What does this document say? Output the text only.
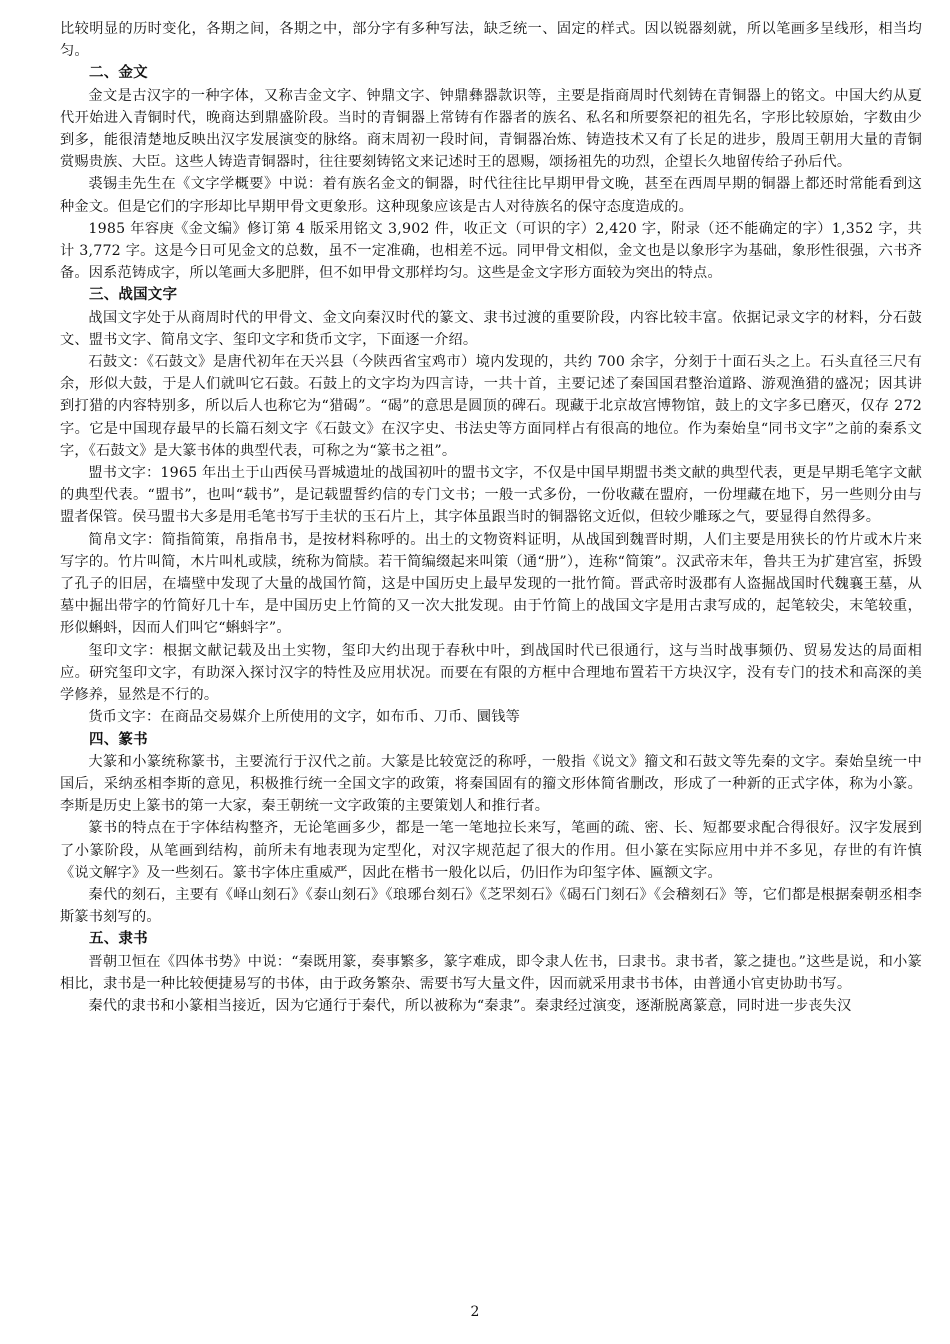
比较明显的历时变化，各期之间，各期之中，部分字有多种写法，缺乏统一、固定的样式。因以锐器刻就，所以笔画多呈线形，相当均匀。

二、金文

金文是古汉字的一种字体，又称吉金文字、钟鼎文字、钟鼎彝器款识等，主要是指商周时代刻铸在青铜器上的铭文。中国大约从夏代开始进入青铜时代，晚商达到鼎盛阶段。当时的青铜器上常铸有作器者的族名、私名和所要祭祀的祖先名，字形比较原始，字数由少到多，能很清楚地反映出汉字发展演变的脉络。商末周初一段时间，青铜器冶炼、铸造技术又有了长足的进步，殷周王朝用大量的青铜赏赐贵族、大臣。这些人铸造青铜器时，往往要刻铸铭文来记述时王的恩赐，颂扬祖先的功烈，企望长久地留传给子孙后代。

裘锡圭先生在《文字学概要》中说：着有族名金文的铜器，时代往往比早期甲骨文晚，甚至在西周早期的铜器上都还时常能看到这种金文。但是它们的字形却比早期甲骨文更象形。这种现象应该是古人对待族名的保守态度造成的。

1985 年容庚《金文编》修订第 4 版采用铭文 3,902 件，收正文（可识的字）2,420 字，附录（还不能确定的字）1,352 字，共计 3,772 字。这是今日可见金文的总数，虽不一定准确，也相差不远。同甲骨文相似，金文也是以象形字为基础，象形性很强，六书齐备。因系范铸成字，所以笔画大多肥胖，但不如甲骨文那样均匀。这些是金文字形方面较为突出的特点。

三、战国文字

战国文字处于从商周时代的甲骨文、金文向秦汉时代的篆文、隶书过渡的重要阶段，内容比较丰富。依据记录文字的材料，分石鼓文、盟书文字、简帛文字、玺印文字和货币文字，下面逐一介绍。

石鼓文：《石鼓文》是唐代初年在天兴县（今陕西省宝鸡市）境内发现的，共约 700 余字，分刻于十面石头之上。石头直径三尺有余，形似大鼓，于是人们就叫它石鼓。石鼓上的文字均为四言诗，一共十首，主要记述了秦国国君整治道路、游观渔猎的盛况；因其讲到打猎的内容特别多，所以后人也称它为“猎碣”。“碣”的意思是圆顶的碑石。现藏于北京故宫博物馆，鼓上的文字多已磨灭，仅存 272 字。它是中国现存最早的长篇石刻文字《石鼓文》在汉字史、书法史等方面同样占有很高的地位。作为秦始皇“同书文字”之前的秦系文字，《石鼓文》是大篆书体的典型代表，可称之为“篆书之祖”。

盟书文字：1965 年出土于山西侯马晋城遗址的战国初叶的盟书文字，不仅是中国早期盟书类文献的典型代表，更是早期毛笔字文献的典型代表。“盟书”，也叫“载书”，是记载盟誓约信的专门文书；一般一式多份，一份收藏在盟府，一份埋藏在地下，另一些则分由与盟者保管。侯马盟书大多是用毛笔书写于圭状的玉石片上，其字体虽跟当时的铜器铭文近似，但较少雕琢之气，要显得自然得多。

简帛文字：简指简策，帛指帛书，是按材料称呼的。出土的文物资料证明，从战国到魏晋时期，人们主要是用狭长的竹片或木片来写字的。竹片叫简，木片叫札或牍，统称为简牍。若干简编缀起来叫策（通“册”），连称“简策”。汉武帝末年，鲁共王为扩建宫室，拆毁了孔子的旧居，在墙壁中发现了大量的战国竹简，这是中国历史上最早发现的一批竹简。晋武帝时汲郡有人盗掘战国时代魏襄王墓，从墓中掘出带字的竹简好几十车，是中国历史上竹简的又一次大批发现。由于竹简上的战国文字是用古隶写成的，起笔较尖，末笔较重，形似蝌蚪，因而人们叫它“蝌蚪字”。

玺印文字：根据文献记载及出土实物，玺印大约出现于春秋中叶，到战国时代已很通行，这与当时战事频仍、贸易发达的局面相应。研究玺印文字，有助深入探讨汉字的特性及应用状况。而要在有限的方框中合理地布置若干方块汉字，没有专门的技术和高深的美学修养，显然是不行的。

货币文字：在商品交易媒介上所使用的文字，如布币、刀币、圜钱等

四、篆书

大篆和小篆统称篆书，主要流行于汉代之前。大篆是比较宽泛的称呼，一般指《说文》籀文和石鼓文等先秦的文字。秦始皇统一中国后，采纳丞相李斯的意见，积极推行统一全国文字的政策，将秦国固有的籀文形体简省删改，形成了一种新的正式字体，称为小篆。李斯是历史上篆书的第一大家，秦王朝统一文字政策的主要策划人和推行者。

篆书的特点在于字体结构整齐，无论笔画多少，都是一笔一笔地拉长来写，笔画的疏、密、长、短都要求配合得很好。汉字发展到了小篆阶段，从笔画到结构，前所未有地表现为定型化，对汉字规范起了很大的作用。但小篆在实际应用中并不多见，存世的有许慎《说文解字》及一些刻石。篆书字体庄重威严，因此在楷书一般化以后，仍旧作为印玺字体、匾额文字。

秦代的刻石，主要有《峄山刻石》《泰山刻石》《琅琊台刻石》《芝罘刻石》《碣石门刻石》《会稽刻石》等，它们都是根据秦朝丞相李斯篆书刻写的。

五、隶书

晋朝卫恒在《四体书势》中说：“秦既用篆，奏事繁多，篆字难成，即令隶人佐书，曰隶书。隶书者，篆之捷也。”这些是说，和小篆相比，隶书是一种比较便捷易写的书体，由于政务繁杂、需要书写大量文件，因而就采用隶书书体，由普通小官吏协助书写。

秦代的隶书和小篆相当接近，因为它通行于秦代，所以被称为“秦隶”。秦隶经过演变，逐渐脱离篆意，同时进一步丧失汉

2
